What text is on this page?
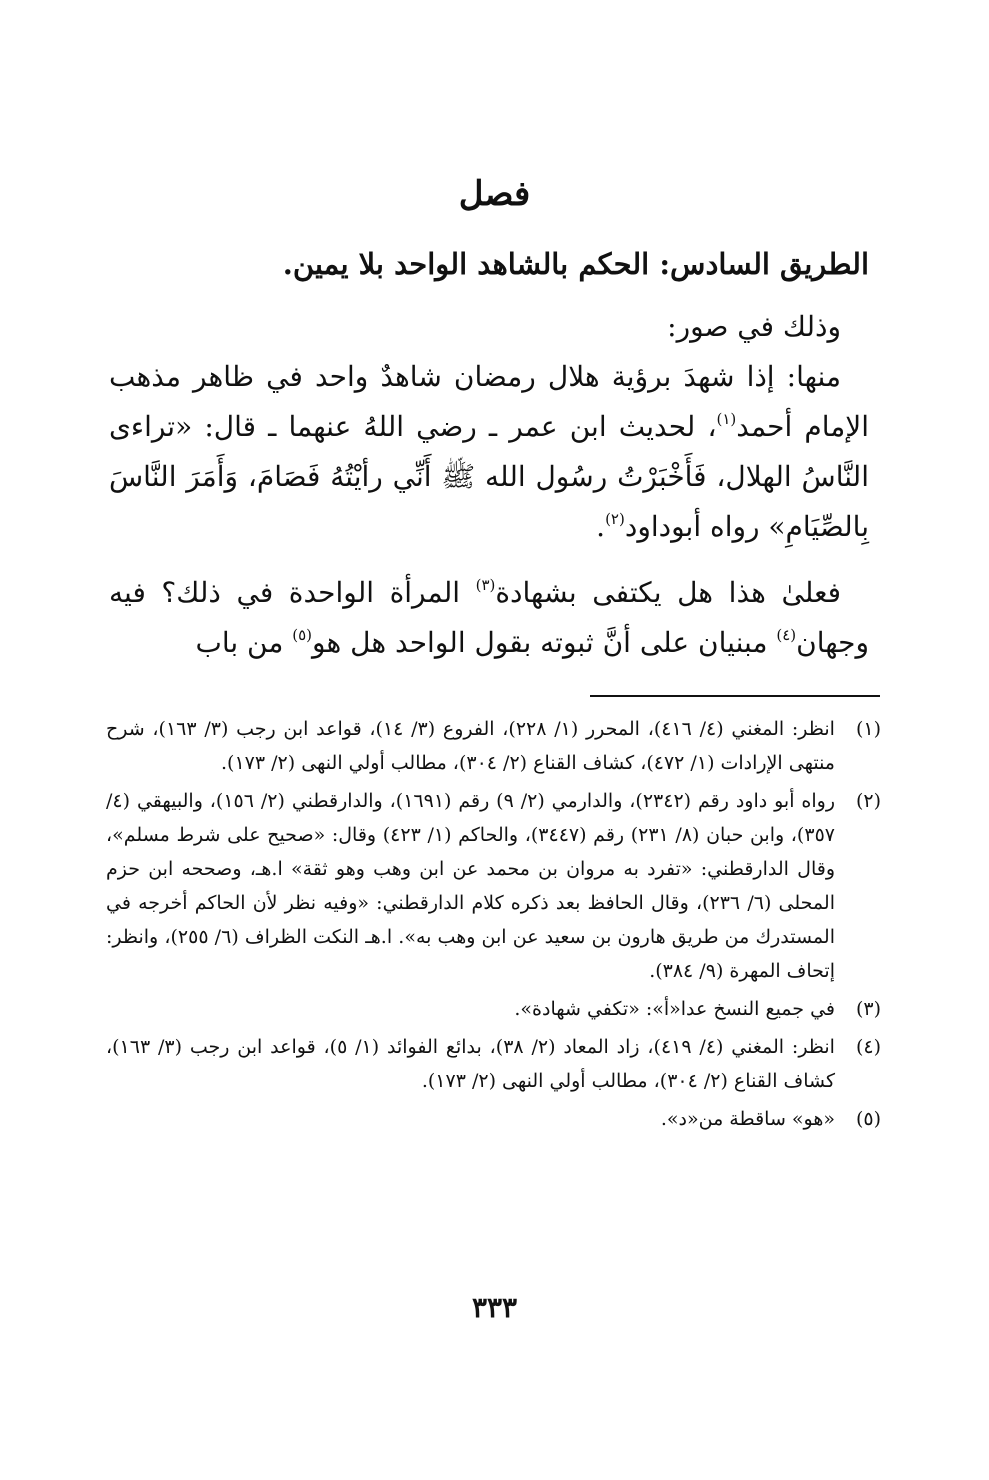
فصل
الطريق السادس: الحكم بالشاهد الواحد بلا يمين.

وذلك في صور:

منها: إذا شهدَ برؤية هلال رمضان شاهدٌ واحد في ظاهر مذهب الإمام أحمد$^{(١)}$، لحديث ابن عمر ـ رضي اللهُ عنهما ـ قال: «تراءى النَّاسُ الهلال، فَأَخْبَرْتُ رسُول الله ﷺ أَنِّي رأيْتُهُ فَصَامَ، وَأَمَرَ النَّاسَ بِالصِّيَامِ» رواه أبوداود$^{(٢)}$.

فعلىٰ هذا هل يكتفى بشهادة$^{(٣)}$ المرأة الواحدة في ذلك؟ فيه وجهان$^{(٤)}$ مبنيان على أنَّ ثبوته بقول الواحد هل هو$^{(٥)}$ من باب

(١)
انظر: المغني (٤/ ٤١٦)، المحرر (١/ ٢٢٨)، الفروع (٣/ ١٤)، قواعد ابن رجب (٣/ ١٦٣)، شرح منتهى الإرادات (١/ ٤٧٢)، كشاف القناع (٢/ ٣٠٤)، مطالب أولي النهى (٢/ ١٧٣).
(٢)
رواه أبو داود رقم (٢٣٤٢)، والدارمي (٢/ ٩) رقم (١٦٩١)، والدارقطني (٢/ ١٥٦)، والبيهقي (٤/ ٣٥٧)، وابن حبان (٨/ ٢٣١) رقم (٣٤٤٧)، والحاكم (١/ ٤٢٣) وقال: «صحيح على شرط مسلم»، وقال الدارقطني: «تفرد به مروان بن محمد عن ابن وهب وهو ثقة» ا.هـ، وصححه ابن حزم المحلى (٦/ ٢٣٦)، وقال الحافظ بعد ذكره كلام الدارقطني: «وفيه نظر لأن الحاكم أخرجه في المستدرك من طريق هارون بن سعيد عن ابن وهب به». ا.هـ النكت الظراف (٦/ ٢٥٥)، وانظر: إتحاف المهرة (٩/ ٣٨٤).
(٣)
في جميع النسخ عدا«أ»: «تكفي شهادة».
(٤)
انظر: المغني (٤/ ٤١٩)، زاد المعاد (٢/ ٣٨)، بدائع الفوائد (١/ ٥)، قواعد ابن رجب (٣/ ١٦٣)، كشاف القناع (٢/ ٣٠٤)، مطالب أولي النهى (٢/ ١٧٣).
(٥)
«هو» ساقطة من«د».
٣٣٣
